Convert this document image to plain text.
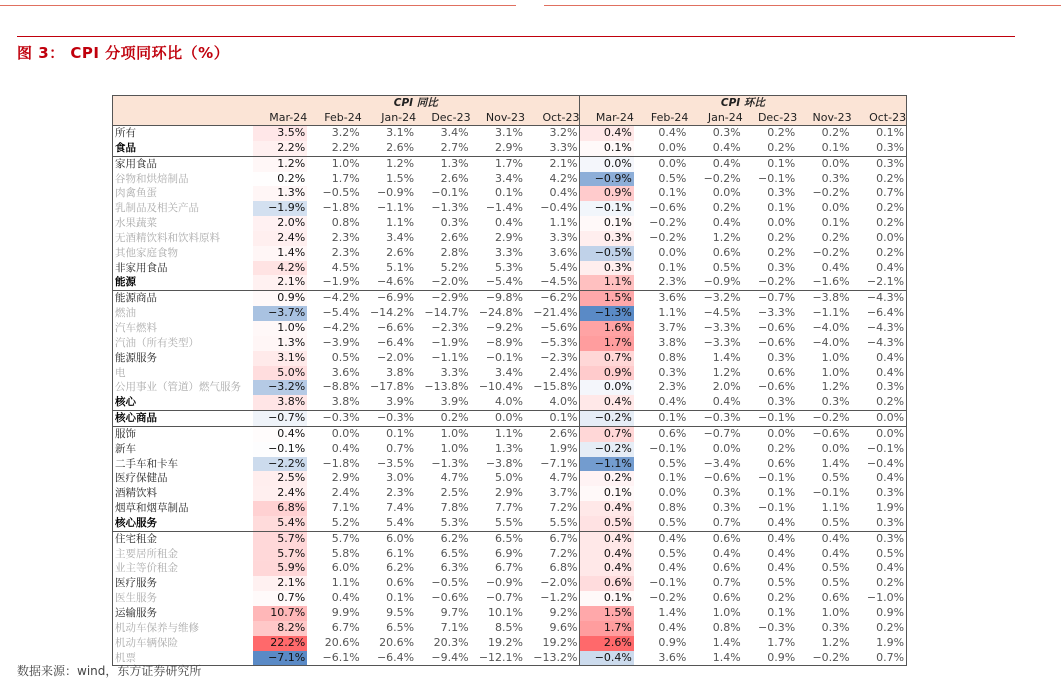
图 3： CPI 分项同环比（%）
CPI 同比	CPI 环比
Mar-24	Feb-24	Jan-24	Dec-23	Nov-23	Oct-23	Mar-24	Feb-24	Jan-24	Dec-23	Nov-23	Oct-23
所有	3.5%	3.2%	3.1%	3.4%	3.1%	3.2%	0.4%	0.4%	0.3%	0.2%	0.2%	0.1%
食品	2.2%	2.2%	2.6%	2.7%	2.9%	3.3%	0.1%	0.0%	0.4%	0.2%	0.1%	0.3%
家用食品	1.2%	1.0%	1.2%	1.3%	1.7%	2.1%	0.0%	0.0%	0.4%	0.1%	0.0%	0.3%
谷物和烘焙制品	0.2%	1.7%	1.5%	2.6%	3.4%	4.2%	−0.9%	0.5%	−0.2%	−0.1%	0.3%	0.2%
肉禽鱼蛋	1.3%	−0.5%	−0.9%	−0.1%	0.1%	0.4%	0.9%	0.1%	0.0%	0.3%	−0.2%	0.7%
乳制品及相关产品	−1.9%	−1.8%	−1.1%	−1.3%	−1.4%	−0.4%	−0.1%	−0.6%	0.2%	0.1%	0.0%	0.2%
水果蔬菜	2.0%	0.8%	1.1%	0.3%	0.4%	1.1%	0.1%	−0.2%	0.4%	0.0%	0.1%	0.2%
无酒精饮料和饮料原料	2.4%	2.3%	3.4%	2.6%	2.9%	3.3%	0.3%	−0.2%	1.2%	0.2%	0.2%	0.0%
其他家庭食物	1.4%	2.3%	2.6%	2.8%	3.3%	3.6%	−0.5%	0.0%	0.6%	0.2%	−0.2%	0.2%
非家用食品	4.2%	4.5%	5.1%	5.2%	5.3%	5.4%	0.3%	0.1%	0.5%	0.3%	0.4%	0.4%
能源	2.1%	−1.9%	−4.6%	−2.0%	−5.4%	−4.5%	1.1%	2.3%	−0.9%	−0.2%	−1.6%	−2.1%
能源商品	0.9%	−4.2%	−6.9%	−2.9%	−9.8%	−6.2%	1.5%	3.6%	−3.2%	−0.7%	−3.8%	−4.3%
燃油	−3.7%	−5.4% −14.2% −14.7% −24.8% −21.4%	−1.3%	1.1%	−4.5%	−3.3%	−1.1%	−6.4%
汽车燃料	1.0%	−4.2%	−6.6%	−2.3%	−9.2%	−5.6%	1.6%	3.7%	−3.3%	−0.6%	−4.0%	−4.3%
汽油（所有类型）	1.3%	−3.9%	−6.4%	−1.9%	−8.9%	−5.3%	1.7%	3.8%	−3.3%	−0.6%	−4.0%	−4.3%
能源服务	3.1%	0.5%	−2.0%	−1.1%	−0.1%	−2.3%	0.7%	0.8%	1.4%	0.3%	1.0%	0.4%
电	5.0%	3.6%	3.8%	3.3%	3.4%	2.4%	0.9%	0.3%	1.2%	0.6%	1.0%	0.4%
公用事业（管道）燃气服务	−3.2%	−8.8% −17.8% −13.8% −10.4% −15.8%	0.0%	2.3%	2.0%	−0.6%	1.2%	0.3%
核心	3.8%	3.8%	3.9%	3.9%	4.0%	4.0%	0.4%	0.4%	0.4%	0.3%	0.3%	0.2%
核心商品	−0.7%	−0.3%	−0.3%	0.2%	0.0%	0.1%	−0.2%	0.1%	−0.3%	−0.1%	−0.2%	0.0%
服饰	0.4%	0.0%	0.1%	1.0%	1.1%	2.6%	0.7%	0.6%	−0.7%	0.0%	−0.6%	0.0%
新车	−0.1%	0.4%	0.7%	1.0%	1.3%	1.9%	−0.2%	−0.1%	0.0%	0.2%	0.0%	−0.1%
二手车和卡车	−2.2%	−1.8%	−3.5%	−1.3%	−3.8%	−7.1%	−1.1%	0.5%	−3.4%	0.6%	1.4%	−0.4%
医疗保健品	2.5%	2.9%	3.0%	4.7%	5.0%	4.7%	0.2%	0.1%	−0.6%	−0.1%	0.5%	0.4%
酒精饮料	2.4%	2.4%	2.3%	2.5%	2.9%	3.7%	0.1%	0.0%	0.3%	0.1%	−0.1%	0.3%
烟草和烟草制品	6.8%	7.1%	7.4%	7.8%	7.7%	7.2%	0.4%	0.8%	0.3%	−0.1%	1.1%	1.9%
核心服务	5.4%	5.2%	5.4%	5.3%	5.5%	5.5%	0.5%	0.5%	0.7%	0.4%	0.5%	0.3%
住宅租金	5.7%	5.7%	6.0%	6.2%	6.5%	6.7%	0.4%	0.4%	0.6%	0.4%	0.4%	0.3%
主要居所租金	5.7%	5.8%	6.1%	6.5%	6.9%	7.2%	0.4%	0.5%	0.4%	0.4%	0.4%	0.5%
业主等价租金	5.9%	6.0%	6.2%	6.3%	6.7%	6.8%	0.4%	0.4%	0.6%	0.4%	0.5%	0.4%
医疗服务	2.1%	1.1%	0.6%	−0.5%	−0.9%	−2.0%	0.6%	−0.1%	0.7%	0.5%	0.5%	0.2%
医生服务	0.7%	0.4%	0.1%	−0.6%	−0.7%	−1.2%	0.1%	−0.2%	0.6%	0.2%	0.6%	−1.0%
运输服务	10.7%	9.9%	9.5%	9.7%	10.1%	9.2%	1.5%	1.4%	1.0%	0.1%	1.0%	0.9%
机动车保养与维修	8.2%	6.7%	6.5%	7.1%	8.5%	9.6%	1.7%	0.4%	0.8%	−0.3%	0.3%	0.2%
机动车辆保险	22.2%	20.6%	20.6%	20.3%	19.2%	19.2%	2.6%	0.9%	1.4%	1.7%	1.2%	1.9%
机票	−7.1%	−6.1%	−6.4%	−9.4% −12.1% −13.2%	−0.4%	3.6%	1.4%	0.9%	−0.2%	0.7%
数据来源：wind，东方证券研究所
